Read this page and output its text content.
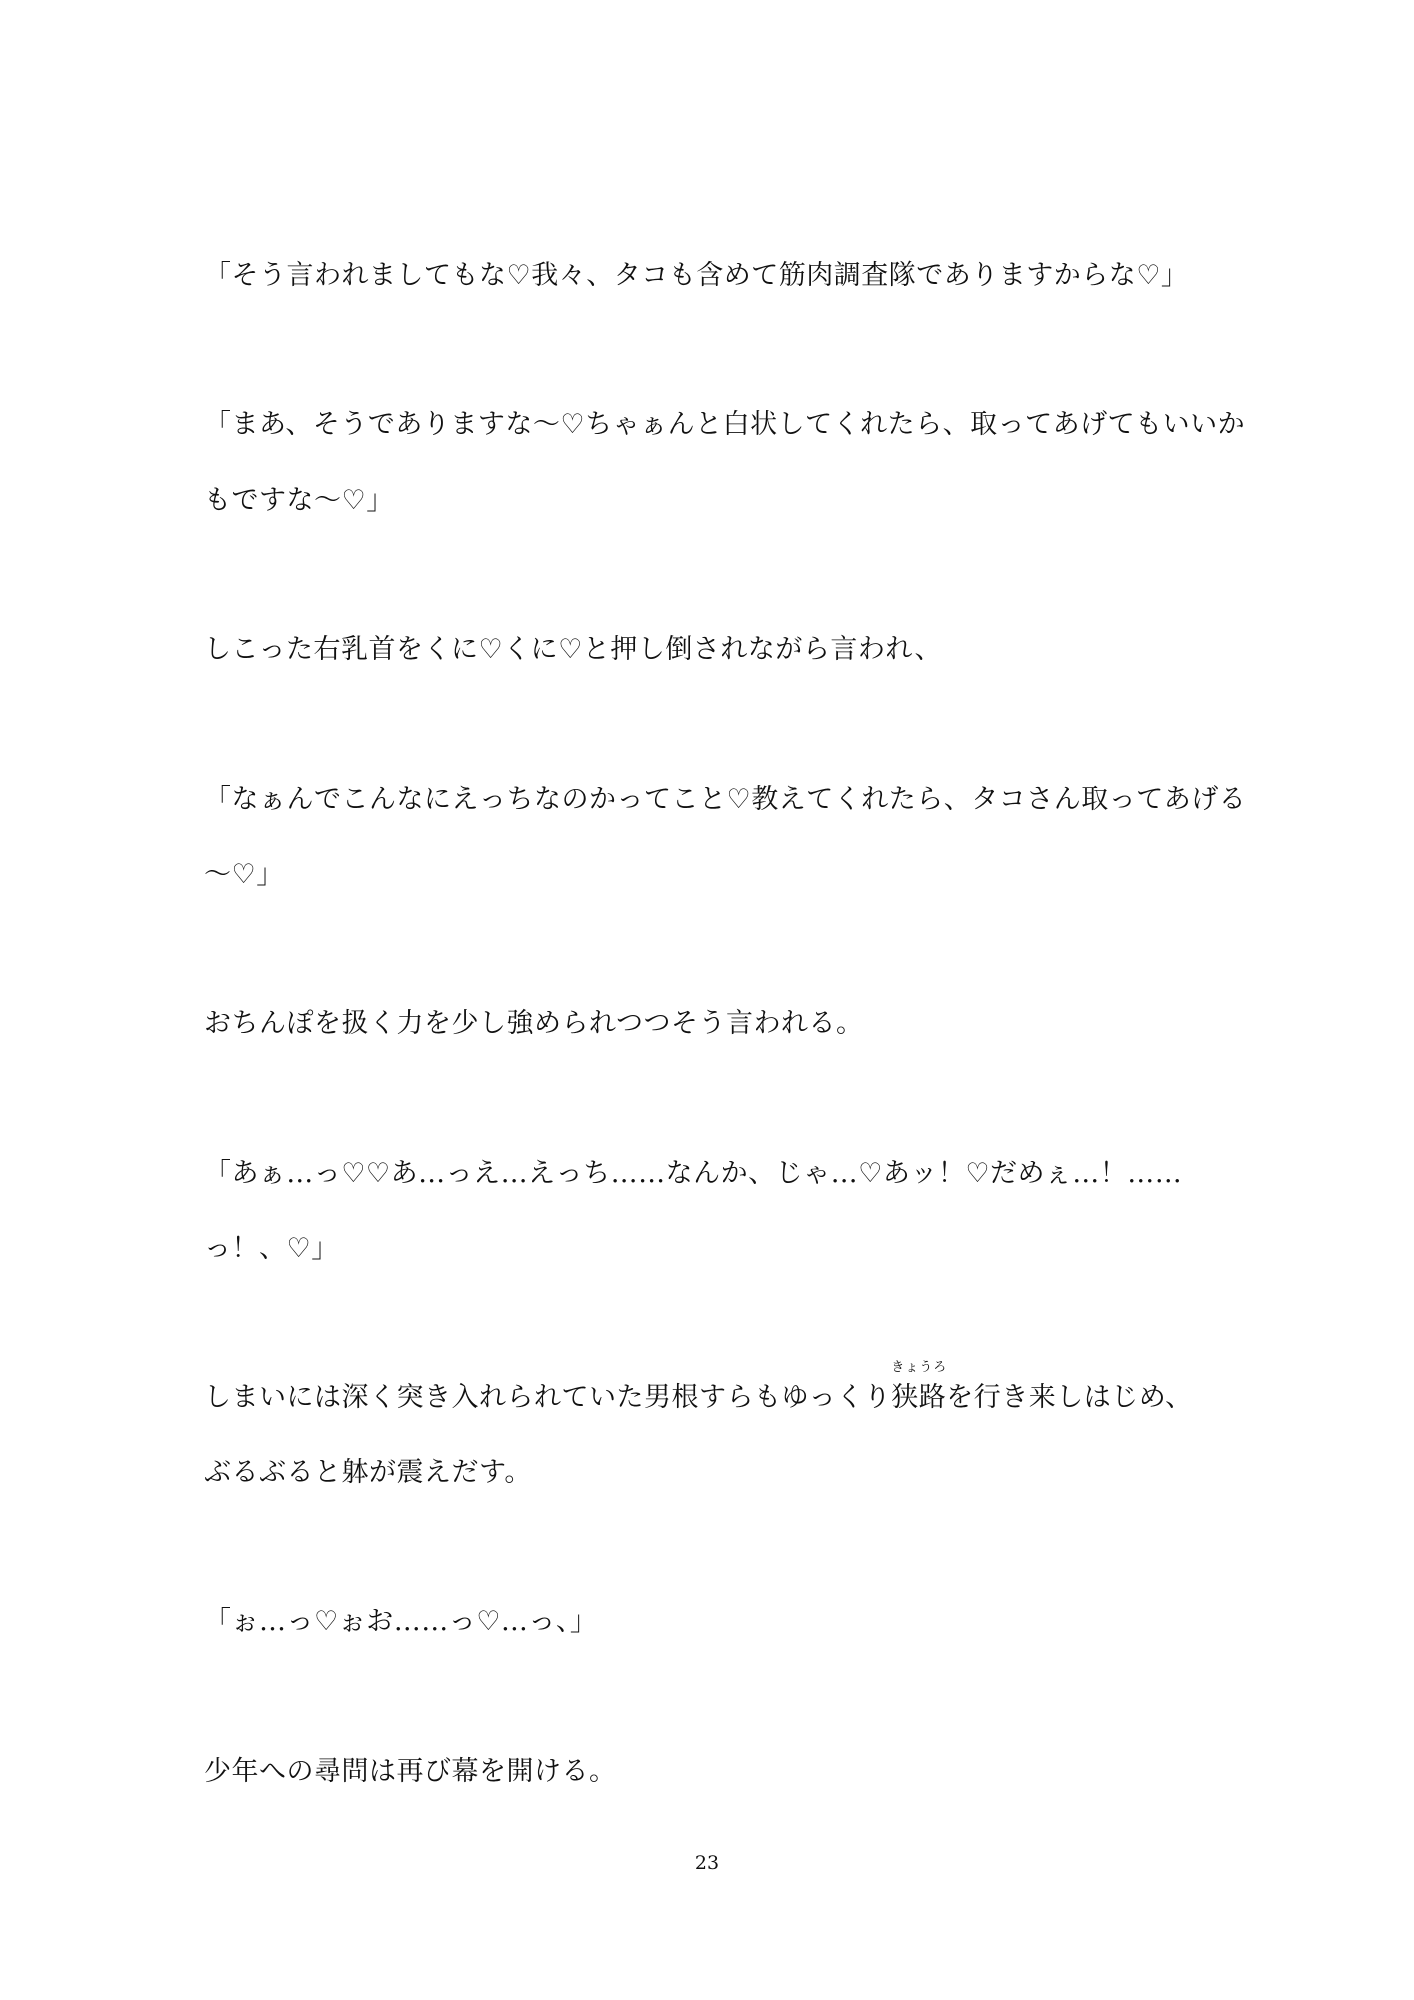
「そう言われましてもな♡我々、タコも含めて筋肉調査隊でありますからな♡」
「まあ、そうでありますな〜♡ちゃぁんと白状してくれたら、取ってあげてもいいか
もですな〜♡」
しこった右乳首をくに♡くに♡と押し倒されながら言われ、
「なぁんでこんなにえっちなのかってこと♡教えてくれたら、タコさん取ってあげる
〜♡」
おちんぽを扱く力を少し強められつつそう言われる。
「あぁ…っ♡♡あ…っえ…えっち……なんか、じゃ…♡あッ！♡だめぇ…！……
っ！、♡」
しまいには深く突き入れられていた男根すらもゆっくり
きょうろ
狭路を行き来しはじめ、
ぶるぶると躰が震えだす。
「ぉ…っ♡ぉお……っ♡…っ、」
少年への尋問は再び幕を開ける。
23
